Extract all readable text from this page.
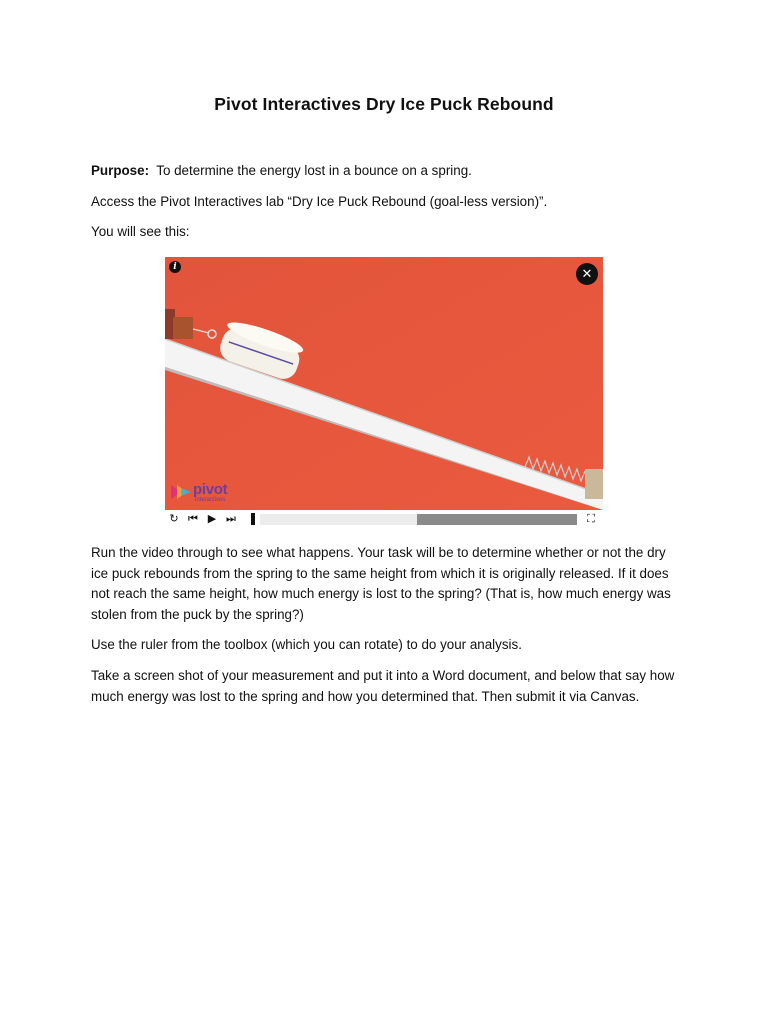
Pivot Interactives Dry Ice Puck Rebound

Purpose: To determine the energy lost in a bounce on a spring.

Access the Pivot Interactives lab “Dry Ice Puck Rebound (goal-less version)”.

You will see this:

i	✕
pivot
interactives
↻ ⏮ ▶ ⏭	⛶

Run the video through to see what happens. Your task will be to determine whether or not the dry ice puck rebounds from the spring to the same height from which it is originally released. If it does not reach the same height, how much energy is lost to the spring? (That is, how much energy was stolen from the puck by the spring?)

Use the ruler from the toolbox (which you can rotate) to do your analysis.

Take a screen shot of your measurement and put it into a Word document, and below that say how much energy was lost to the spring and how you determined that. Then submit it via Canvas.
